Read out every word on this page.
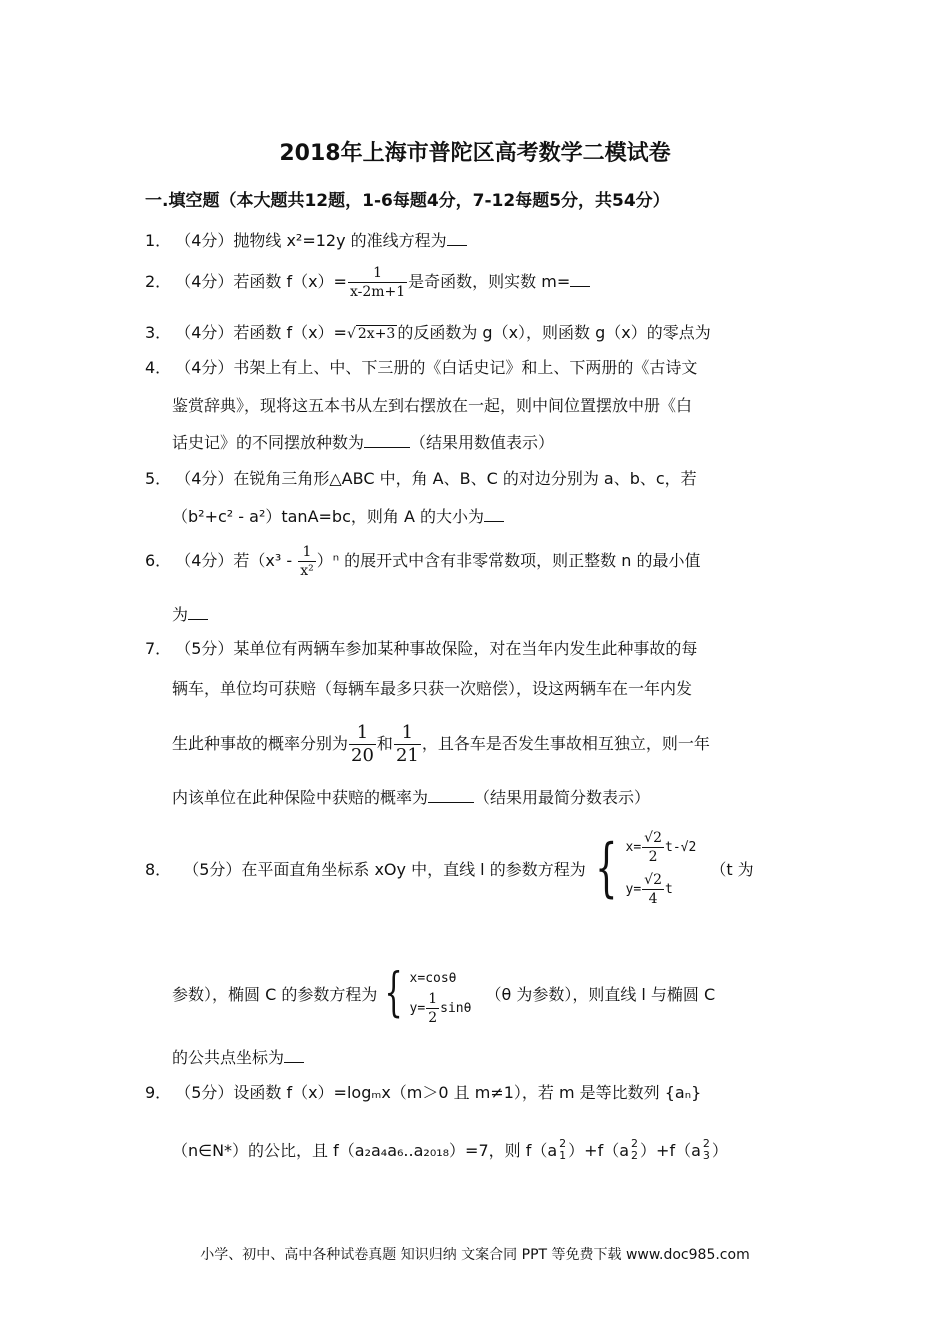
2018年上海市普陀区高考数学二模试卷
一.填空题（本大题共12题，1-6每题4分，7-12每题5分，共54分）
1． （4分）抛物线 x²=12y 的准线方程为
2． （4分）若函数 $f(x)= \frac{1}{x-2m+1}$ 是奇函数，则实数 m=
3． （4分）若函数 f（x）=√ 2x+3 的反函数为 g（x），则函数 g（x）的零点为
4． （4分）书架上有上、中、下三册的《白话史记》和上、下两册的《古诗文
鉴赏辞典》，现将这五本书从左到右摆放在一起，则中间位置摆放中册《白
话史记》的不同摆放种数为	（结果用数值表示）
5． （4分）在锐角三角形△ABC 中，角 A、B、C 的对边分别为 a、b、c，若
（b²+c² - a²）tanA=bc，则角 A 的大小为
6． （4分）若$(x^3 - \frac{1}{\text{x²}} )^n$ 的展开式中含有非零常数项，则正整数 n 的最小值
为
7． （5分）某单位有两辆车参加某种事故保险，对在当年内发生此种事故的每
辆车，单位均可获赔（每辆车最多只获一次赔偿），设这两辆车在一年内发
生此种事故的概率分别为 $\frac{1}{20}$ 和 $\frac{1}{21}$ ，且各车是否发生事故相互独立，则一年
内该单位在此种保险中获赔的概率为	（结果用最简分数表示）
8． （5分）在平面直角坐标系 xOy 中，直线 l 的参数方程为 { $x= \frac{√2}{2} t-√2$
$y= \frac{√2}{4}$ t
（t 为
参数），椭圆 C 的参数方程为 { x=cosθ
$y= \frac{1}{2}$ sinθ
（θ 为参数），则直线 l 与椭圆 C
的公共点坐标为
9． （5分）设函数 f（x）=logₘx（m＞0 且 m≠1），若 m 是等比数列 {aₙ}
（n∈N*）的公比，且 f（a₂a₄a₆..a₂₀₁₈）=7，则 f（a 2
1 ）+f（a 2
2 ）+f（a 2
3 ）
小学、初中、高中各种试卷真题 知识归纳 文案合同 PPT 等免费下载 www.doc985.com
